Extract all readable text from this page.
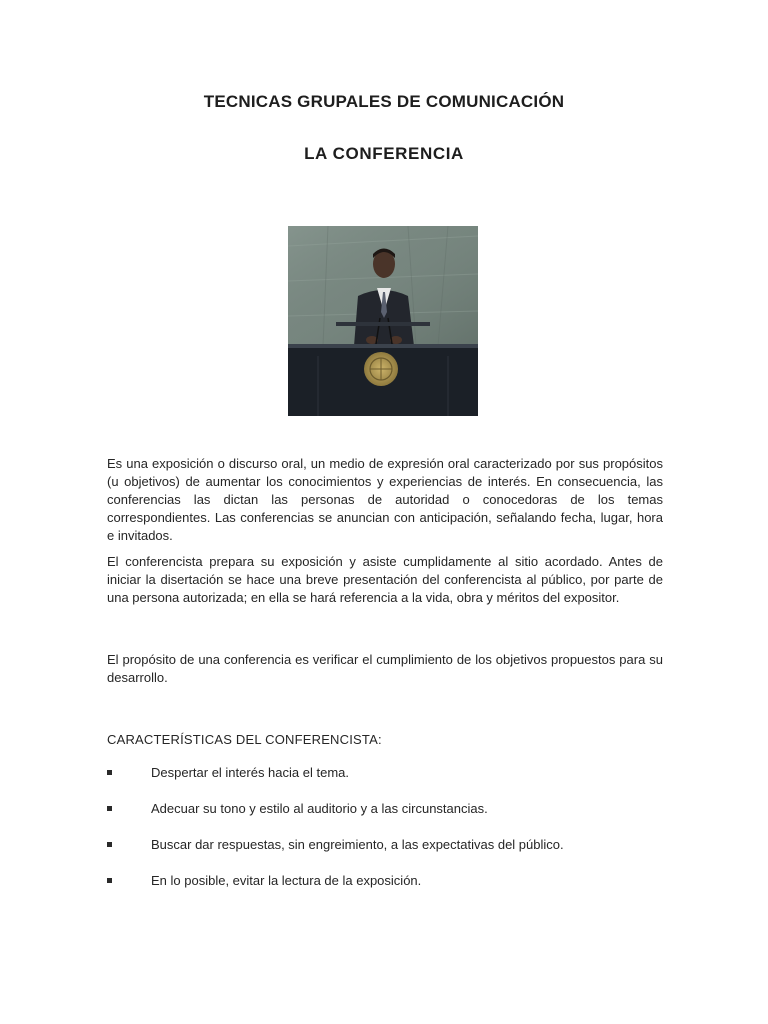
TECNICAS GRUPALES DE COMUNICACIÓN
LA CONFERENCIA
Es una exposición o discurso oral, un medio de expresión oral caracterizado por sus propósitos (u objetivos) de aumentar los conocimientos y experiencias de interés. En consecuencia, las conferencias las dictan las personas de autoridad o conocedoras de los temas correspondientes. Las conferencias se anuncian con anticipación, señalando fecha, lugar, hora e invitados.
El conferencista prepara su exposición y asiste cumplidamente al sitio acordado. Antes de iniciar la disertación se hace una breve presentación del conferencista al público, por parte de una persona autorizada; en ella se hará referencia a la vida, obra y méritos del expositor.
El propósito de una conferencia es verificar el cumplimiento de los objetivos propuestos para su desarrollo.
CARACTERÍSTICAS DEL CONFERENCISTA:
Despertar el interés hacia el tema.
Adecuar su tono y estilo al auditorio y a las circunstancias.
Buscar dar respuestas, sin engreimiento, a las expectativas del público.
En lo posible, evitar la lectura de la exposición.
